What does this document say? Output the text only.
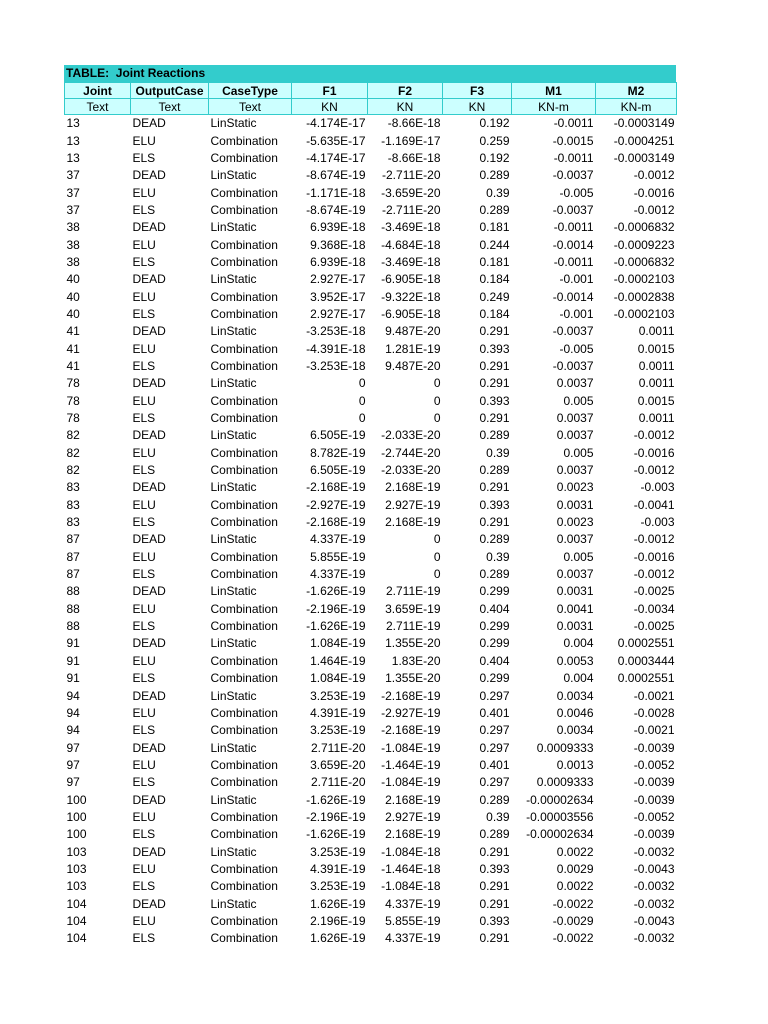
TABLE:  Joint Reactions
Joint	OutputCase	CaseType	F1	F2	F3	M1	M2
Text	Text	Text	KN	KN	KN	KN-m	KN-m
13	DEAD	LinStatic	-4.174E-17	-8.66E-18	0.192	-0.0011	-0.0003149
13	ELU	Combination	-5.635E-17	-1.169E-17	0.259	-0.0015	-0.0004251
13	ELS	Combination	-4.174E-17	-8.66E-18	0.192	-0.0011	-0.0003149
37	DEAD	LinStatic	-8.674E-19	-2.711E-20	0.289	-0.0037	-0.0012
37	ELU	Combination	-1.171E-18	-3.659E-20	0.39	-0.005	-0.0016
37	ELS	Combination	-8.674E-19	-2.711E-20	0.289	-0.0037	-0.0012
38	DEAD	LinStatic	6.939E-18	-3.469E-18	0.181	-0.0011	-0.0006832
38	ELU	Combination	9.368E-18	-4.684E-18	0.244	-0.0014	-0.0009223
38	ELS	Combination	6.939E-18	-3.469E-18	0.181	-0.0011	-0.0006832
40	DEAD	LinStatic	2.927E-17	-6.905E-18	0.184	-0.001	-0.0002103
40	ELU	Combination	3.952E-17	-9.322E-18	0.249	-0.0014	-0.0002838
40	ELS	Combination	2.927E-17	-6.905E-18	0.184	-0.001	-0.0002103
41	DEAD	LinStatic	-3.253E-18	9.487E-20	0.291	-0.0037	0.0011
41	ELU	Combination	-4.391E-18	1.281E-19	0.393	-0.005	0.0015
41	ELS	Combination	-3.253E-18	9.487E-20	0.291	-0.0037	0.0011
78	DEAD	LinStatic	0	0	0.291	0.0037	0.0011
78	ELU	Combination	0	0	0.393	0.005	0.0015
78	ELS	Combination	0	0	0.291	0.0037	0.0011
82	DEAD	LinStatic	6.505E-19	-2.033E-20	0.289	0.0037	-0.0012
82	ELU	Combination	8.782E-19	-2.744E-20	0.39	0.005	-0.0016
82	ELS	Combination	6.505E-19	-2.033E-20	0.289	0.0037	-0.0012
83	DEAD	LinStatic	-2.168E-19	2.168E-19	0.291	0.0023	-0.003
83	ELU	Combination	-2.927E-19	2.927E-19	0.393	0.0031	-0.0041
83	ELS	Combination	-2.168E-19	2.168E-19	0.291	0.0023	-0.003
87	DEAD	LinStatic	4.337E-19	0	0.289	0.0037	-0.0012
87	ELU	Combination	5.855E-19	0	0.39	0.005	-0.0016
87	ELS	Combination	4.337E-19	0	0.289	0.0037	-0.0012
88	DEAD	LinStatic	-1.626E-19	2.711E-19	0.299	0.0031	-0.0025
88	ELU	Combination	-2.196E-19	3.659E-19	0.404	0.0041	-0.0034
88	ELS	Combination	-1.626E-19	2.711E-19	0.299	0.0031	-0.0025
91	DEAD	LinStatic	1.084E-19	1.355E-20	0.299	0.004	0.0002551
91	ELU	Combination	1.464E-19	1.83E-20	0.404	0.0053	0.0003444
91	ELS	Combination	1.084E-19	1.355E-20	0.299	0.004	0.0002551
94	DEAD	LinStatic	3.253E-19	-2.168E-19	0.297	0.0034	-0.0021
94	ELU	Combination	4.391E-19	-2.927E-19	0.401	0.0046	-0.0028
94	ELS	Combination	3.253E-19	-2.168E-19	0.297	0.0034	-0.0021
97	DEAD	LinStatic	2.711E-20	-1.084E-19	0.297	0.0009333	-0.0039
97	ELU	Combination	3.659E-20	-1.464E-19	0.401	0.0013	-0.0052
97	ELS	Combination	2.711E-20	-1.084E-19	0.297	0.0009333	-0.0039
100	DEAD	LinStatic	-1.626E-19	2.168E-19	0.289	-0.00002634	-0.0039
100	ELU	Combination	-2.196E-19	2.927E-19	0.39	-0.00003556	-0.0052
100	ELS	Combination	-1.626E-19	2.168E-19	0.289	-0.00002634	-0.0039
103	DEAD	LinStatic	3.253E-19	-1.084E-18	0.291	0.0022	-0.0032
103	ELU	Combination	4.391E-19	-1.464E-18	0.393	0.0029	-0.0043
103	ELS	Combination	3.253E-19	-1.084E-18	0.291	0.0022	-0.0032
104	DEAD	LinStatic	1.626E-19	4.337E-19	0.291	-0.0022	-0.0032
104	ELU	Combination	2.196E-19	5.855E-19	0.393	-0.0029	-0.0043
104	ELS	Combination	1.626E-19	4.337E-19	0.291	-0.0022	-0.0032
